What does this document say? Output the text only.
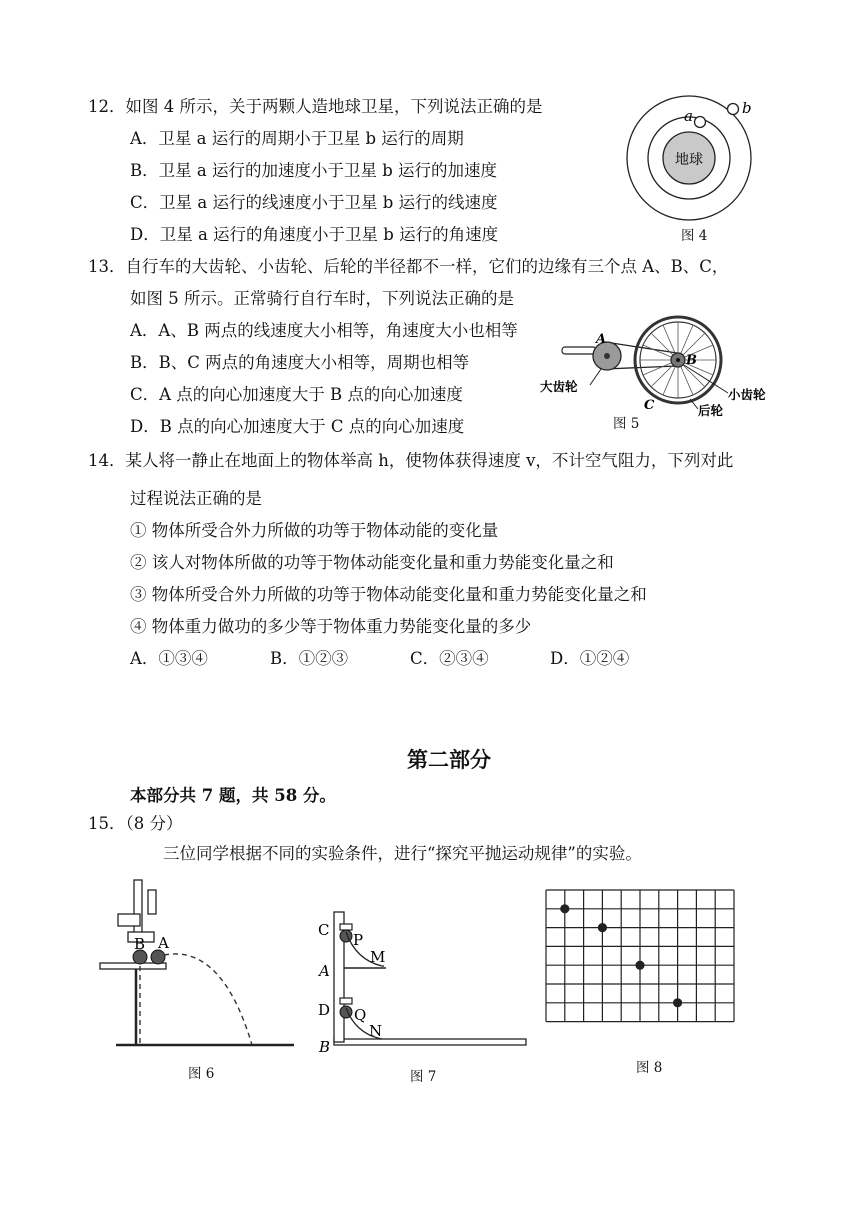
12．如图 4 所示，关于两颗人造地球卫星，下列说法正确的是
A．卫星 a 运行的周期小于卫星 b 运行的周期
B．卫星 a 运行的加速度小于卫星 b 运行的加速度
C．卫星 a 运行的线速度小于卫星 b 运行的线速度
D．卫星 a 运行的角速度小于卫星 b 运行的角速度
地球
a	b
图 4
13．自行车的大齿轮、小齿轮、后轮的半径都不一样，它们的边缘有三个点 A、B、C，
如图 5 所示。正常骑行自行车时，下列说法正确的是
A．A、B 两点的线速度大小相等，角速度大小也相等
B．B、C 两点的角速度大小相等，周期也相等
C．A 点的向心加速度大于 B 点的向心加速度
D．B 点的向心加速度大于 C 点的向心加速度
A
B
C
大齿轮
小齿轮
后轮
图 5
14．某人将一静止在地面上的物体举高 h，使物体获得速度 v，不计空气阻力，下列对此
过程说法正确的是
① 物体所受合外力所做的功等于物体动能的变化量
② 该人对物体所做的功等于物体动能变化量和重力势能变化量之和
③ 物体所受合外力所做的功等于物体动能变化量和重力势能变化量之和
④ 物体重力做功的多少等于物体重力势能变化量的多少
A．①③④	B．①②③	C．②③④	D．①②④
第二部分
本部分共 7 题，共 58 分。
15．（8 分）
三位同学根据不同的实验条件，进行“探究平抛运动规律”的实验。
B A
图 6
C
P
M
A
D Q
N
B
图 7
图 8
